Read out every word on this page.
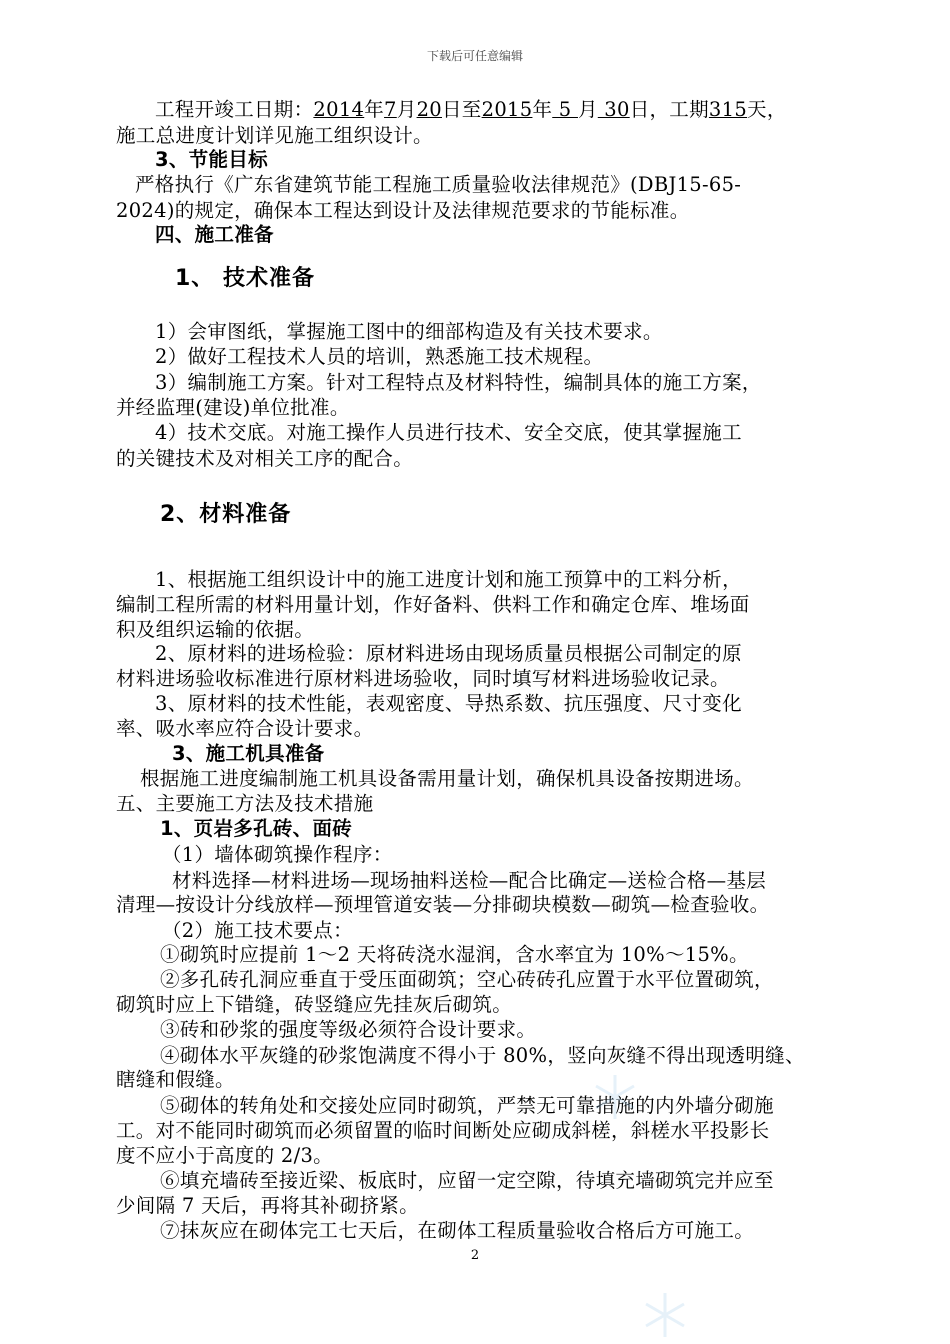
下载后可任意编辑
工程开竣工日期：2014年7月20日至2015年 5 月 30日，工期315天，
施工总进度计划详见施工组织设计。
3、节能目标
严格执行《广东省建筑节能工程施工质量验收法律规范》(DBJ15-65-
2024)的规定，确保本工程达到设计及法律规范要求的节能标准。
四、施工准备
1、 技术准备
1）会审图纸，掌握施工图中的细部构造及有关技术要求。
2）做好工程技术人员的培训，熟悉施工技术规程。
3）编制施工方案。针对工程特点及材料特性，编制具体的施工方案，
并经监理(建设)单位批准。
4）技术交底。对施工操作人员进行技术、安全交底，使其掌握施工
的关键技术及对相关工序的配合。
2、材料准备
1、根据施工组织设计中的施工进度计划和施工预算中的工料分析，
编制工程所需的材料用量计划，作好备料、供料工作和确定仓库、堆场面
积及组织运输的依据。
2、原材料的进场检验：原材料进场由现场质量员根据公司制定的原
材料进场验收标准进行原材料进场验收，同时填写材料进场验收记录。
3、原材料的技术性能，表观密度、导热系数、抗压强度、尺寸变化
率、吸水率应符合设计要求。
3、施工机具准备
根据施工进度编制施工机具设备需用量计划，确保机具设备按期进场。
五、主要施工方法及技术措施
1、页岩多孔砖、面砖
（1）墙体砌筑操作程序：
材料选择—材料进场—现场抽料送检—配合比确定—送检合格—基层
清理—按设计分线放样—预埋管道安装—分排砌块模数—砌筑—检查验收。
（2）施工技术要点：
①砌筑时应提前 1～2 天将砖浇水湿润，含水率宜为 10%～15%。
②多孔砖孔洞应垂直于受压面砌筑；空心砖砖孔应置于水平位置砌筑，
砌筑时应上下错缝，砖竖缝应先挂灰后砌筑。
③砖和砂浆的强度等级必须符合设计要求。
④砌体水平灰缝的砂浆饱满度不得小于 80%，竖向灰缝不得出现透明缝、
瞎缝和假缝。
⑤砌体的转角处和交接处应同时砌筑，严禁无可靠措施的内外墙分砌施
工。对不能同时砌筑而必须留置的临时间断处应砌成斜槎，斜槎水平投影长
度不应小于高度的 2/3。
⑥填充墙砖至接近梁、板底时，应留一定空隙，待填充墙砌筑完并应至
少间隔 7 天后，再将其补砌挤紧。
⑦抹灰应在砌体完工七天后，在砌体工程质量验收合格后方可施工。
2
